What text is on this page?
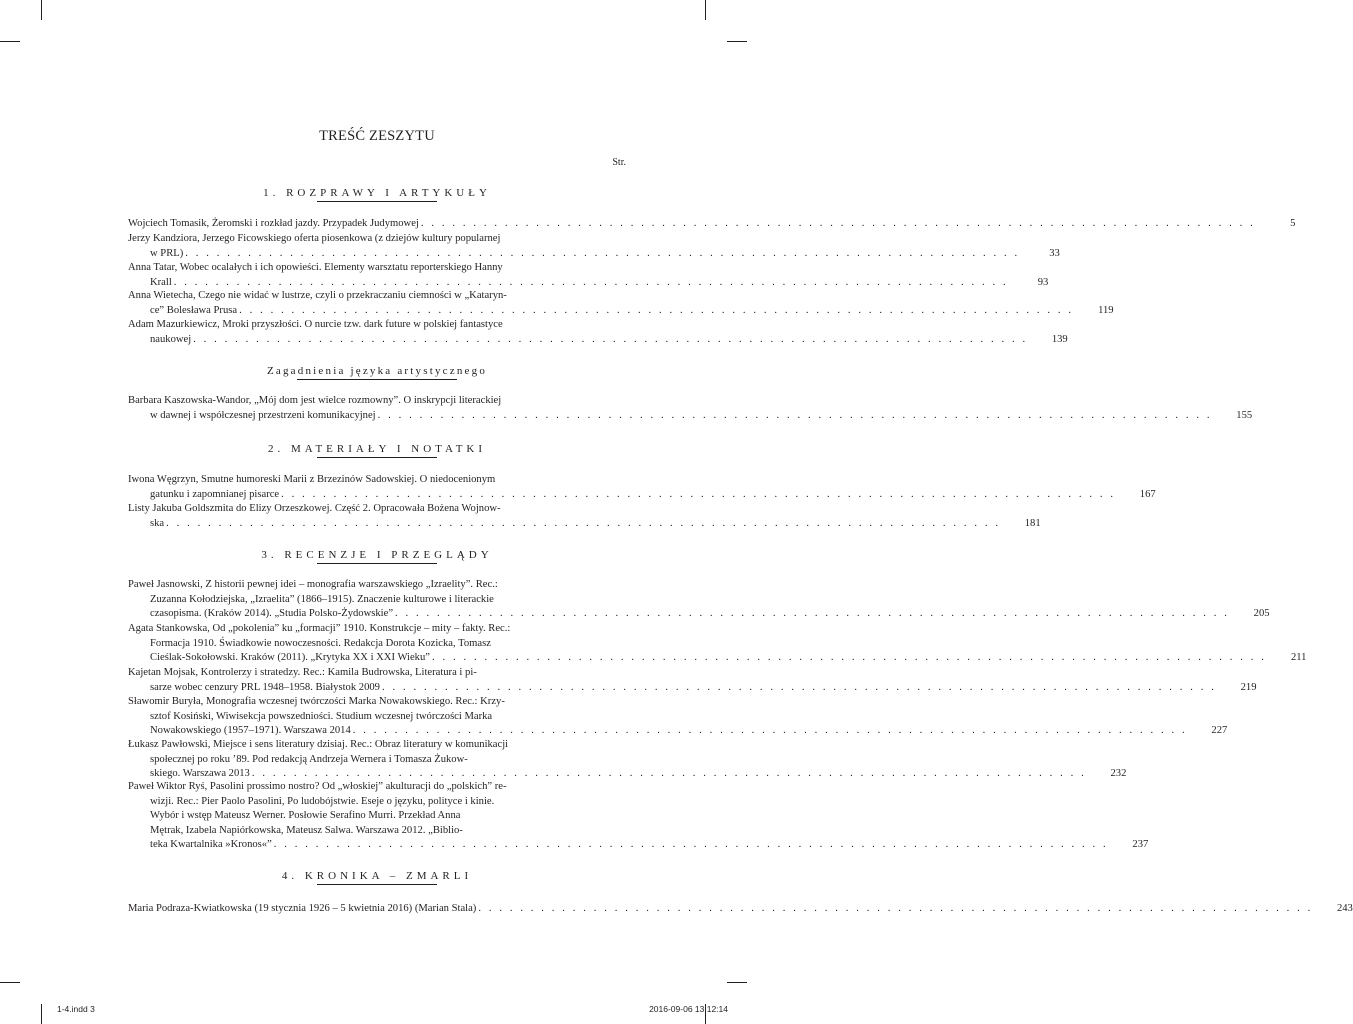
TREŚĆ ZESZYTU
Str.
1. ROZPRAWY I ARTYKUŁY
Wojciech Tomasik, Żeromski i rozkład jazdy. Przypadek Judymowej . . . . . . . . . . . . . . . . . . . . . . . . . . . . . . . . . . . . . . . . . . . . . . . . . . . . . . . . . . . . . . . . . . . . . . . . . . . . . . . .	5
Jerzy Kandziora, Jerzego Ficowskiego oferta piosenkowa (z dziejów kultury popularnej
w PRL) . . . . . . . . . . . . . . . . . . . . . . . . . . . . . . . . . . . . . . . . . . . . . . . . . . . . . . . . . . . . . . . . . . . . . . . . . . . . . . . .	33
Anna Tatar, Wobec ocalałych i ich opowieści. Elementy warsztatu reporterskiego Hanny
Krall . . . . . . . . . . . . . . . . . . . . . . . . . . . . . . . . . . . . . . . . . . . . . . . . . . . . . . . . . . . . . . . . . . . . . . . . . . . . . . . .	93
Anna Wietecha, Czego nie widać w lustrze, czyli o przekraczaniu ciemności w „Kataryn-
ce” Bolesława Prusa . . . . . . . . . . . . . . . . . . . . . . . . . . . . . . . . . . . . . . . . . . . . . . . . . . . . . . . . . . . . . . . . . . . . . . . . . . . . . . . .	119
Adam Mazurkiewicz, Mroki przyszłości. O nurcie tzw. dark future w polskiej fantastyce
naukowej . . . . . . . . . . . . . . . . . . . . . . . . . . . . . . . . . . . . . . . . . . . . . . . . . . . . . . . . . . . . . . . . . . . . . . . . . . . . . . . .	139
Zagadnienia języka artystycznego
Barbara Kaszowska-Wandor, „Mój dom jest wielce rozmowny”. O inskrypcji literackiej
w dawnej i współczesnej przestrzeni komunikacyjnej . . . . . . . . . . . . . . . . . . . . . . . . . . . . . . . . . . . . . . . . . . . . . . . . . . . . . . . . . . . . . . . . . . . . . . . . . . . . . . . .	155
2. MATERIAŁY I NOTATKI
Iwona Węgrzyn, Smutne humoreski Marii z Brzezinów Sadowskiej. O niedocenionym
gatunku i zapomnianej pisarce . . . . . . . . . . . . . . . . . . . . . . . . . . . . . . . . . . . . . . . . . . . . . . . . . . . . . . . . . . . . . . . . . . . . . . . . . . . . . . . .	167
Listy Jakuba Goldszmita do Elizy Orzeszkowej. Część 2. Opracowała Bożena Wojnow-
ska . . . . . . . . . . . . . . . . . . . . . . . . . . . . . . . . . . . . . . . . . . . . . . . . . . . . . . . . . . . . . . . . . . . . . . . . . . . . . . . .	181
3. RECENZJE I PRZEGLĄDY
Paweł Jasnowski, Z historii pewnej idei – monografia warszawskiego „Izraelity”. Rec.:
Zuzanna Kołodziejska, „Izraelita” (1866–1915). Znaczenie kulturowe i literackie
czasopisma. (Kraków 2014). „Studia Polsko-Żydowskie” . . . . . . . . . . . . . . . . . . . . . . . . . . . . . . . . . . . . . . . . . . . . . . . . . . . . . . . . . . . . . . . . . . . . . . . . . . . . . . . .	205
Agata Stankowska, Od „pokolenia” ku „formacji” 1910. Konstrukcje – mity – fakty. Rec.:
Formacja 1910. Świadkowie nowoczesności. Redakcja Dorota Kozicka, Tomasz
Cieślak-Sokołowski. Kraków (2011). „Krytyka XX i XXI Wieku” . . . . . . . . . . . . . . . . . . . . . . . . . . . . . . . . . . . . . . . . . . . . . . . . . . . . . . . . . . . . . . . . . . . . . . . . . . . . . . . .	211
Kajetan Mojsak, Kontrolerzy i stratedzy. Rec.: Kamila Budrowska, Literatura i pi-
sarze wobec cenzury PRL 1948–1958. Białystok 2009 . . . . . . . . . . . . . . . . . . . . . . . . . . . . . . . . . . . . . . . . . . . . . . . . . . . . . . . . . . . . . . . . . . . . . . . . . . . . . . . .	219
Sławomir Buryła, Monografia wczesnej twórczości Marka Nowakowskiego. Rec.: Krzy-
sztof Kosiński, Wiwisekcja powszedniości. Studium wczesnej twórczości Marka
Nowakowskiego (1957–1971). Warszawa 2014 . . . . . . . . . . . . . . . . . . . . . . . . . . . . . . . . . . . . . . . . . . . . . . . . . . . . . . . . . . . . . . . . . . . . . . . . . . . . . . . .	227
Łukasz Pawłowski, Miejsce i sens literatury dzisiaj. Rec.: Obraz literatury w komunikacji
społecznej po roku ’89. Pod redakcją Andrzeja Wernera i Tomasza Żukow-
skiego. Warszawa 2013 . . . . . . . . . . . . . . . . . . . . . . . . . . . . . . . . . . . . . . . . . . . . . . . . . . . . . . . . . . . . . . . . . . . . . . . . . . . . . . . .	232
Paweł Wiktor Ryś, Pasolini prossimo nostro? Od „włoskiej” akulturacji do „polskich” re-
wizji. Rec.: Pier Paolo Pasolini, Po ludobójstwie. Eseje o języku, polityce i kinie.
Wybór i wstęp Mateusz Werner. Posłowie Serafino Murri. Przekład Anna
Mętrak, Izabela Napiórkowska, Mateusz Salwa. Warszawa 2012. „Biblio-
teka Kwartalnika »Kronos«” . . . . . . . . . . . . . . . . . . . . . . . . . . . . . . . . . . . . . . . . . . . . . . . . . . . . . . . . . . . . . . . . . . . . . . . . . . . . . . . .	237
4. KRONIKA – ZMARLI
Maria Podraza-Kwiatkowska (19 stycznia 1926 – 5 kwietnia 2016) (Marian Stala) . . . . . . . . . . . . . . . . . . . . . . . . . . . . . . . . . . . . . . . . . . . . . . . . . . . . . . . . . . . . . . . . . . . . . . . . . . . . . . . .	243
1-4.indd 3	2016-09-06 13:12:14
